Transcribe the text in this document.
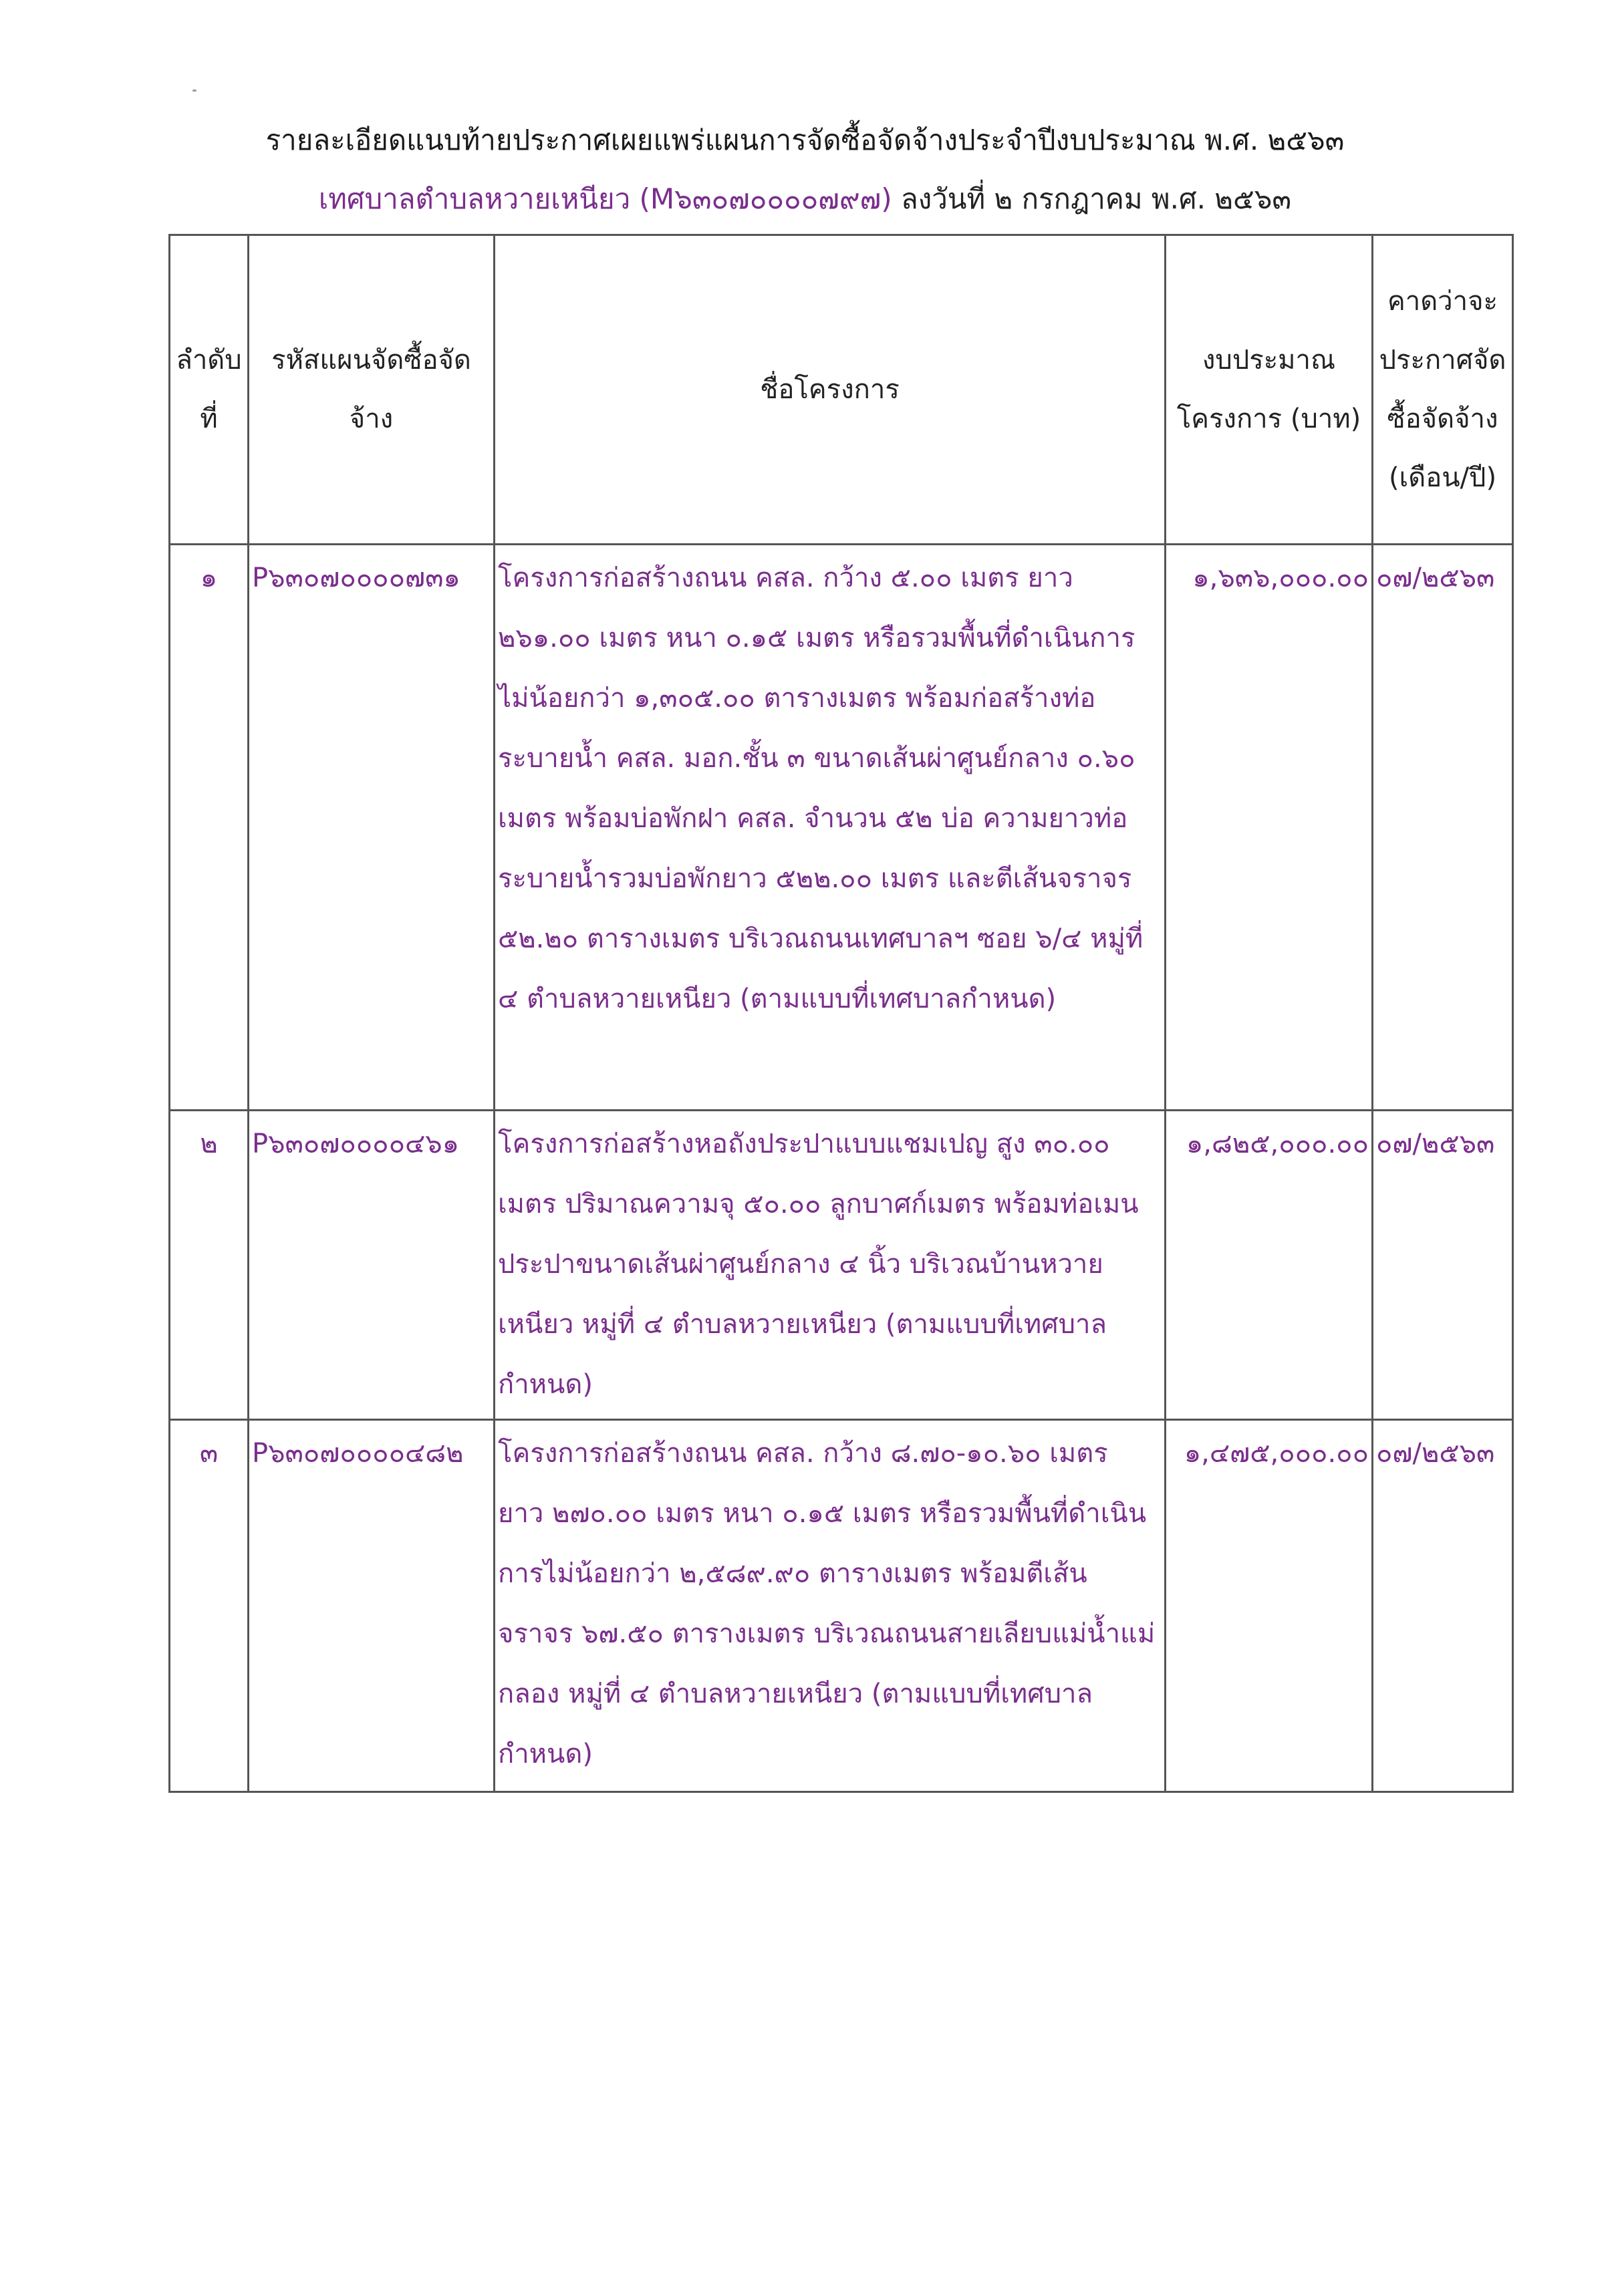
รายละเอียดแนบท้ายประกาศเผยแพร่แผนการจัดซื้อจัดจ้างประจำปีงบประมาณ พ.ศ. ๒๕๖๓
เทศบาลตำบลหวายเหนียว (M๖๓๐๗๐๐๐๐๗๙๗) ลงวันที่ ๒ กรกฎาคม พ.ศ. ๒๕๖๓
ลำดับที่	รหัสแผนจัดซื้อจัดจ้าง	ชื่อโครงการ	งบประมาณโครงการ (บาท)	คาดว่าจะประกาศจัดซื้อจัดจ้าง (เดือน/ปี)
๑	P๖๓๐๗๐๐๐๐๗๓๑	โครงการก่อสร้างถนน คสล. กว้าง ๕.๐๐ เมตร ยาว ๒๖๑.๐๐ เมตร หนา ๐.๑๕ เมตร หรือรวมพื้นที่ดำเนินการไม่น้อยกว่า ๑,๓๐๕.๐๐ ตารางเมตร พร้อมก่อสร้างท่อระบายน้ำ คสล. มอก.ชั้น ๓ ขนาดเส้นผ่าศูนย์กลาง ๐.๖๐ เมตร พร้อมบ่อพักฝา คสล. จำนวน ๕๒ บ่อ ความยาวท่อระบายน้ำรวมบ่อพักยาว ๕๒๒.๐๐ เมตร และตีเส้นจราจร ๕๒.๒๐ ตารางเมตร บริเวณถนนเทศบาลฯ ซอย ๖/๔ หมู่ที่ ๔ ตำบลหวายเหนียว (ตามแบบที่เทศบาลกำหนด)	๑,๖๓๖,๐๐๐.๐๐	๐๗/๒๕๖๓
๒	P๖๓๐๗๐๐๐๐๔๖๑	โครงการก่อสร้างหอถังประปาแบบแชมเปญ สูง ๓๐.๐๐ เมตร ปริมาณความจุ ๕๐.๐๐ ลูกบาศก์เมตร พร้อมท่อเมนประปาขนาดเส้นผ่าศูนย์กลาง ๔ นิ้ว บริเวณบ้านหวายเหนียว หมู่ที่ ๔ ตำบลหวายเหนียว (ตามแบบที่เทศบาลกำหนด)	๑,๘๒๕,๐๐๐.๐๐	๐๗/๒๕๖๓
๓	P๖๓๐๗๐๐๐๐๔๘๒	โครงการก่อสร้างถนน คสล. กว้าง ๘.๗๐-๑๐.๖๐ เมตร ยาว ๒๗๐.๐๐ เมตร หนา ๐.๑๕ เมตร หรือรวมพื้นที่ดำเนินการไม่น้อยกว่า ๒,๕๘๙.๙๐ ตารางเมตร พร้อมตีเส้นจราจร ๖๗.๕๐ ตารางเมตร บริเวณถนนสายเลียบแม่น้ำแม่กลอง หมู่ที่ ๔ ตำบลหวายเหนียว (ตามแบบที่เทศบาลกำหนด)	๑,๔๗๕,๐๐๐.๐๐	๐๗/๒๕๖๓
